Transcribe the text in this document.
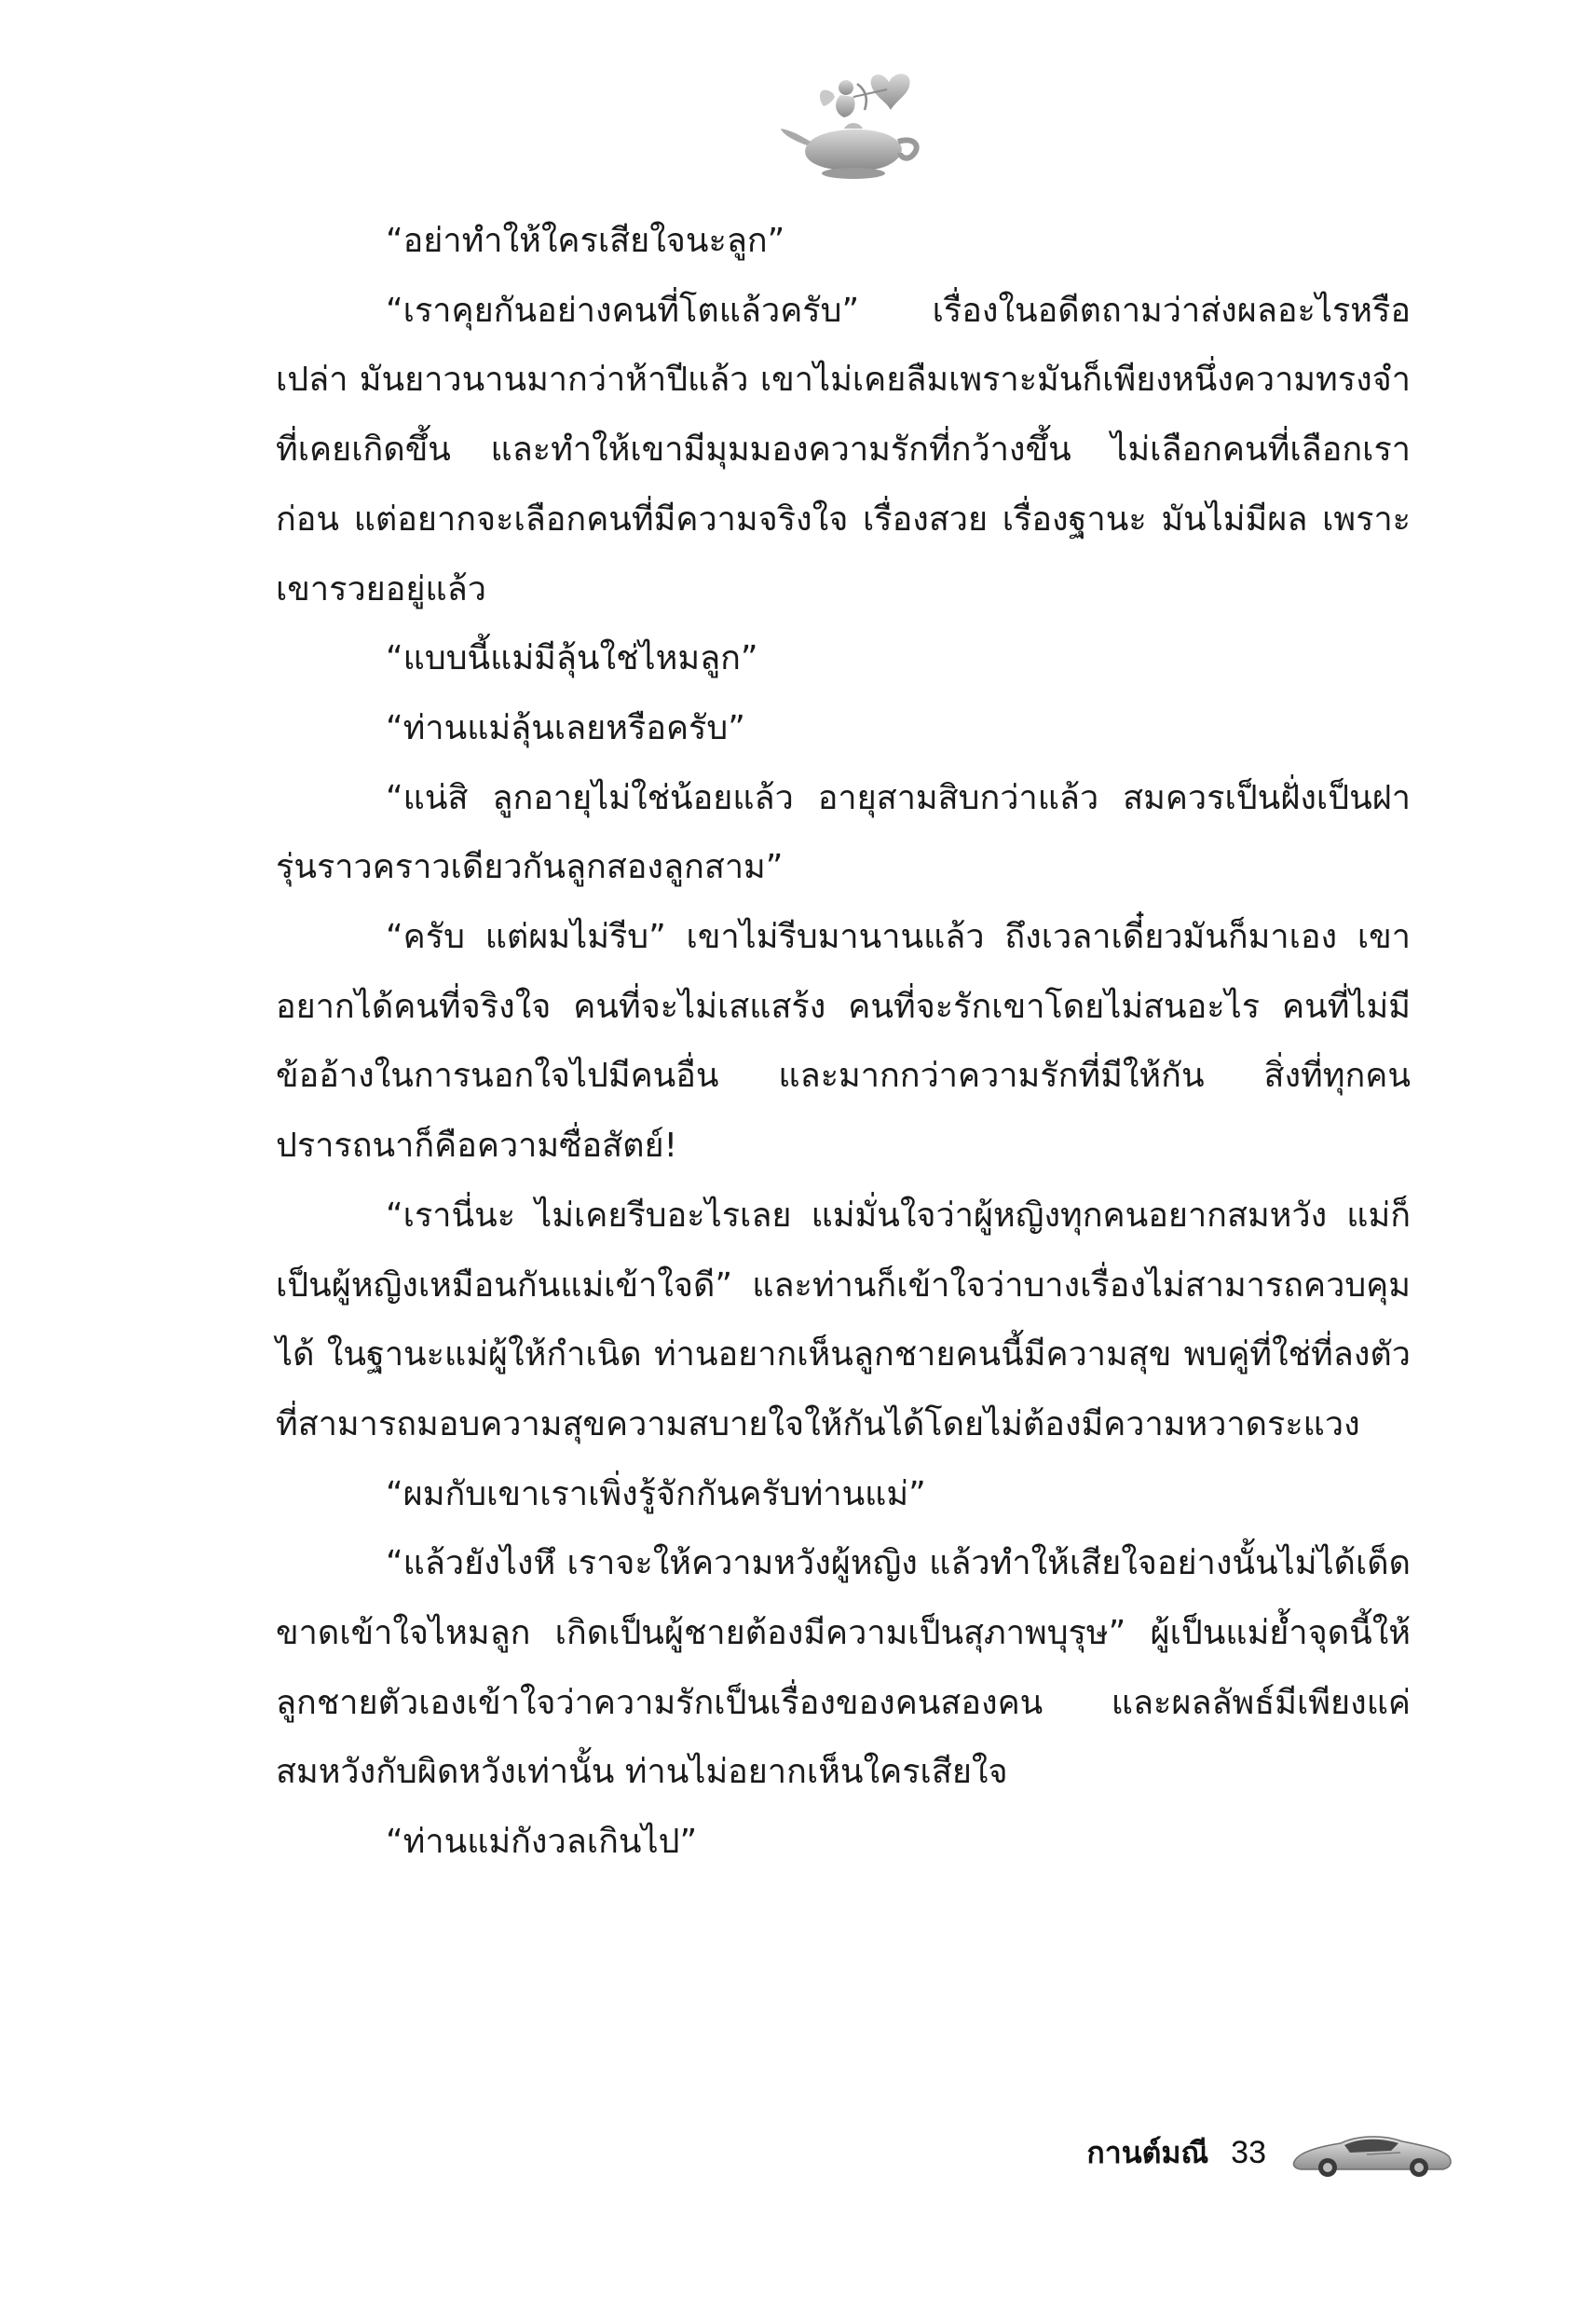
“อย่าทำให้ใครเสียใจนะลูก”

“เราคุยกันอย่างคนที่โตแล้วครับ” เรื่องในอดีตถามว่าส่งผลอะไรหรือเปล่า มันยาวนานมากว่าห้าปีแล้ว เขาไม่เคยลืมเพราะมันก็เพียงหนึ่งความทรงจำที่เคยเกิดขึ้น และทำให้เขามีมุมมองความรักที่กว้างขึ้น ไม่เลือกคนที่เลือกเราก่อน แต่อยากจะเลือกคนที่มีความจริงใจ เรื่องสวย เรื่องฐานะ มันไม่มีผล เพราะเขารวยอยู่แล้ว

“แบบนี้แม่มีลุ้นใช่ไหมลูก”

“ท่านแม่ลุ้นเลยหรือครับ”

“แน่สิ ลูกอายุไม่ใช่น้อยแล้ว อายุสามสิบกว่าแล้ว สมควรเป็นฝั่งเป็นฝา รุ่นราวคราวเดียวกันลูกสองลูกสาม”

“ครับ แต่ผมไม่รีบ” เขาไม่รีบมานานแล้ว ถึงเวลาเดี๋ยวมันก็มาเอง เขาอยากได้คนที่จริงใจ คนที่จะไม่เสแสร้ง คนที่จะรักเขาโดยไม่สนอะไร คนที่ไม่มีข้ออ้างในการนอกใจไปมีคนอื่น และมากกว่าความรักที่มีให้กัน สิ่งที่ทุกคนปรารถนาก็คือความซื่อสัตย์!

“เรานี่นะ ไม่เคยรีบอะไรเลย แม่มั่นใจว่าผู้หญิงทุกคนอยากสมหวัง แม่ก็เป็นผู้หญิงเหมือนกันแม่เข้าใจดี” และท่านก็เข้าใจว่าบางเรื่องไม่สามารถควบคุมได้ ในฐานะแม่ผู้ให้กำเนิด ท่านอยากเห็นลูกชายคนนี้มีความสุข พบคู่ที่ใช่ที่ลงตัวที่สามารถมอบความสุขความสบายใจให้กันได้โดยไม่ต้องมีความหวาดระแวง

“ผมกับเขาเราเพิ่งรู้จักกันครับท่านแม่”

“แล้วยังไงหึ เราจะให้ความหวังผู้หญิง แล้วทำให้เสียใจอย่างนั้นไม่ได้เด็ดขาดเข้าใจไหมลูก เกิดเป็นผู้ชายต้องมีความเป็นสุภาพบุรุษ” ผู้เป็นแม่ย้ำจุดนี้ให้ลูกชายตัวเองเข้าใจว่าความรักเป็นเรื่องของคนสองคน และผลลัพธ์มีเพียงแค่สมหวังกับผิดหวังเท่านั้น ท่านไม่อยากเห็นใครเสียใจ

“ท่านแม่กังวลเกินไป”

กานต์มณี 33
